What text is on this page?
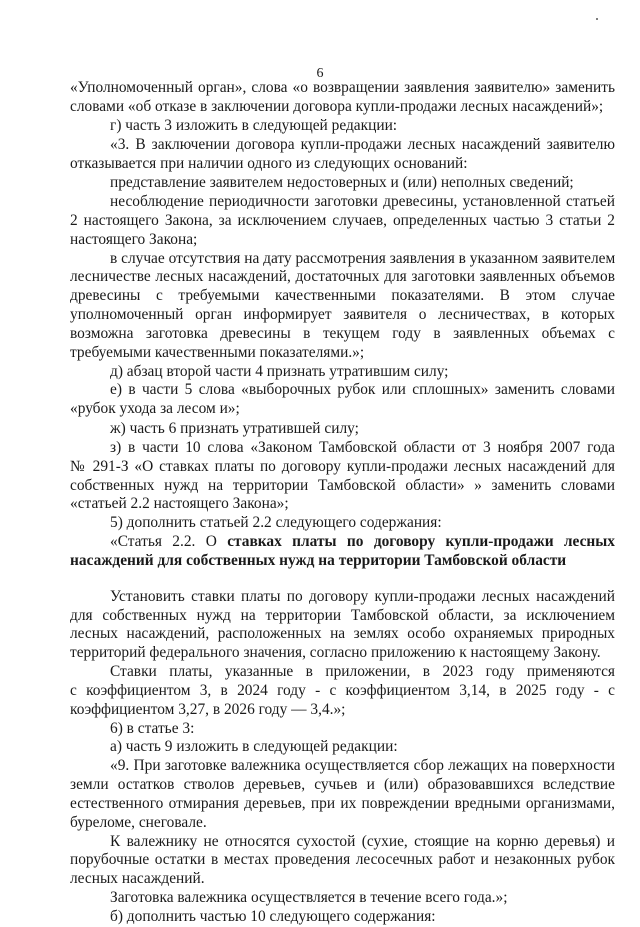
6
«Уполномоченный орган», слова «о возвращении заявления заявителю» заменить
словами «об отказе в заключении договора купли-продажи лесных насаждений»;
г) часть 3 изложить в следующей редакции:
«3. В заключении договора купли-продажи лесных насаждений заявителю
отказывается при наличии одного из следующих оснований:
представление заявителем недостоверных и (или) неполных сведений;
несоблюдение периодичности заготовки древесины, установленной статьей
2 настоящего Закона, за исключением случаев, определенных частью 3 статьи 2
настоящего Закона;
в случае отсутствия на дату рассмотрения заявления в указанном заявителем
лесничестве лесных насаждений, достаточных для заготовки заявленных объемов
древесины с требуемыми качественными показателями. В этом случае
уполномоченный орган информирует заявителя о лесничествах, в которых
возможна заготовка древесины в текущем году в заявленных объемах с
требуемыми качественными показателями.»;
д) абзац второй части 4 признать утратившим силу;
е) в части 5 слова «выборочных рубок или сплошных» заменить словами
«рубок ухода за лесом и»;
ж) часть 6 признать утратившей силу;
з) в части 10 слова «Законом Тамбовской области от 3 ноября 2007 года
№ 291-З «О ставках платы по договору купли-продажи лесных насаждений для
собственных нужд на территории Тамбовской области» » заменить словами
«статьей 2.2 настоящего Закона»;
5) дополнить статьей 2.2 следующего содержания:
«Статья 2.2. О ставках платы по договору купли-продажи лесных
насаждений для собственных нужд на территории Тамбовской области
Установить ставки платы по договору купли-продажи лесных насаждений
для собственных нужд на территории Тамбовской области, за исключением
лесных насаждений, расположенных на землях особо охраняемых природных
территорий федерального значения, согласно приложению к настоящему Закону.
Ставки платы, указанные в приложении, в 2023 году применяются
с коэффициентом 3, в 2024 году - с коэффициентом 3,14, в 2025 году - с
коэффициентом 3,27, в 2026 году — 3,4.»;
6) в статье 3:
а) часть 9 изложить в следующей редакции:
«9. При заготовке валежника осуществляется сбор лежащих на поверхности
земли остатков стволов деревьев, сучьев и (или) образовавшихся вследствие
естественного отмирания деревьев, при их повреждении вредными организмами,
буреломе, снеговале.
К валежнику не относятся сухостой (сухие, стоящие на корню деревья) и
порубочные остатки в местах проведения лесосечных работ и незаконных рубок
лесных насаждений.
Заготовка валежника осуществляется в течение всего года.»;
б) дополнить частью 10 следующего содержания:
